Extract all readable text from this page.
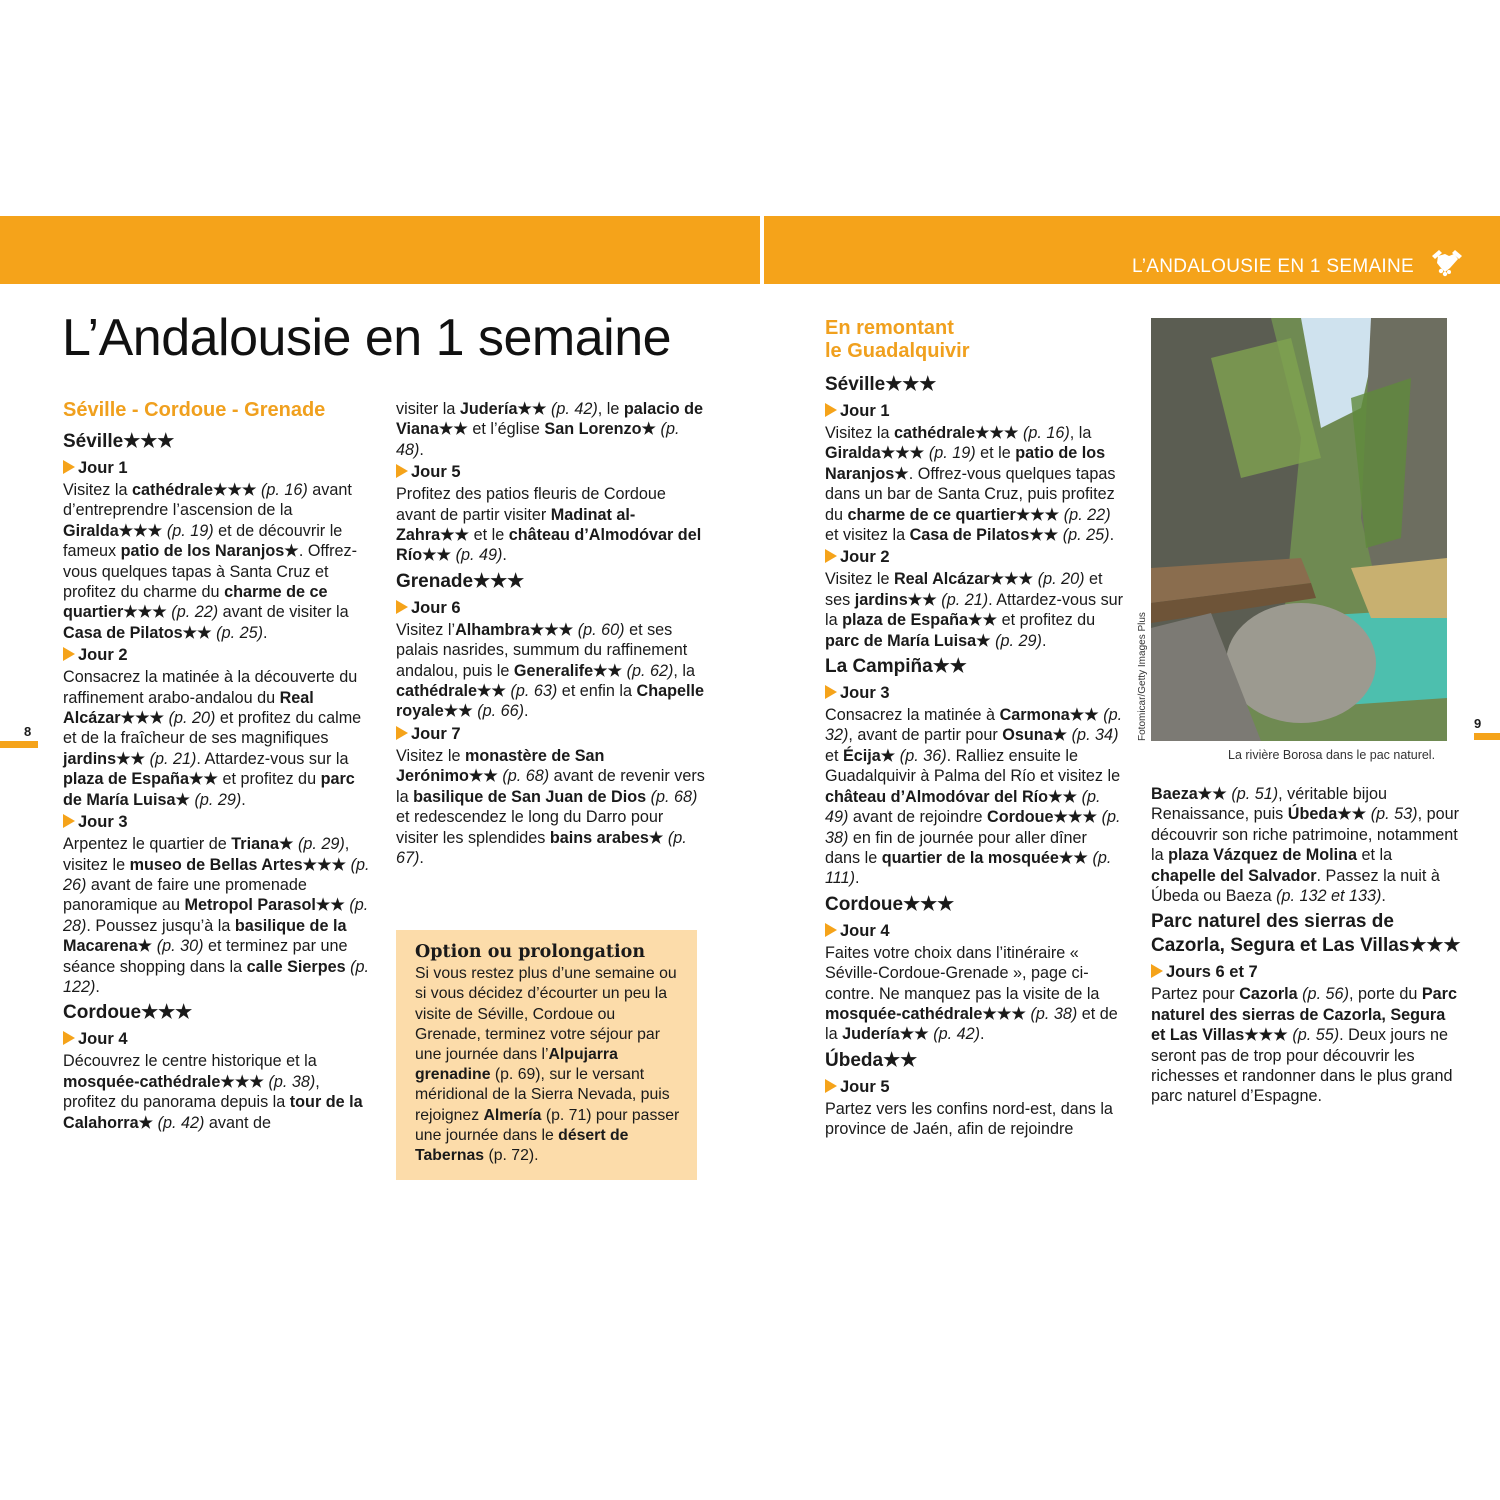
L’ANDALOUSIE EN 1 SEMAINE
L’Andalousie en 1 semaine
Séville - Cordoue - Grenade
Séville★★★
Jour 1

Visitez la cathédrale★★★ (p. 16) avant d’entreprendre l’ascension de la Giralda★★★ (p. 19) et de découvrir le fameux patio de los Naranjos★. Offrez-vous quelques tapas à Santa Cruz et profitez du charme du charme de ce quartier★★★ (p. 22) avant de visiter la Casa de Pilatos★★ (p. 25).

Jour 2

Consacrez la matinée à la découverte du raffinement arabo-andalou du Real Alcázar★★★ (p. 20) et profitez du calme et de la fraîcheur de ses magnifiques jardins★★ (p. 21). Attardez-vous sur la plaza de España★★ et profitez du parc de María Luisa★ (p. 29).

Jour 3

Arpentez le quartier de Triana★ (p. 29), visitez le museo de Bellas Artes★★★ (p. 26) avant de faire une promenade panoramique au Metropol Parasol★★ (p. 28). Poussez jusqu’à la basilique de la Macarena★ (p. 30) et terminez par une séance shopping dans la calle Sierpes (p. 122).

Cordoue★★★
Jour 4

Découvrez le centre historique et la mosquée-cathédrale★★★ (p. 38), profitez du panorama depuis la tour de la Calahorra★ (p. 42) avant de

visiter la Judería★★ (p. 42), le palacio de Viana★★ et l’église San Lorenzo★ (p. 48).

Jour 5

Profitez des patios fleuris de Cordoue avant de partir visiter Madinat al-Zahra★★ et le château d’Almodóvar del Río★★ (p. 49).

Grenade★★★
Jour 6

Visitez l’Alhambra★★★ (p. 60) et ses palais nasrides, summum du raffinement andalou, puis le Generalife★★ (p. 62), la cathédrale★★ (p. 63) et enfin la Chapelle royale★★ (p. 66).

Jour 7

Visitez le monastère de San Jerónimo★★ (p. 68) avant de revenir vers la basilique de San Juan de Dios (p. 68) et redescendez le long du Darro pour visiter les splendides bains arabes★ (p. 67).

Option ou prolongation
Si vous restez plus d’une semaine ou si vous décidez d’écourter un peu la visite de Séville, Cordoue ou Grenade, terminez votre séjour par une journée dans l’Alpujarra grenadine (p. 69), sur le versant méridional de la Sierra Nevada, puis rejoignez Almería (p. 71) pour passer une journée dans le désert de Tabernas (p. 72).
En remontant
le Guadalquivir
Séville★★★
Jour 1

Visitez la cathédrale★★★ (p. 16), la Giralda★★★ (p. 19) et le patio de los Naranjos★. Offrez-vous quelques tapas dans un bar de Santa Cruz, puis profitez du charme de ce quartier★★★ (p. 22) et visitez la Casa de Pilatos★★ (p. 25).

Jour 2

Visitez le Real Alcázar★★★ (p. 20) et ses jardins★★ (p. 21). Attardez-vous sur la plaza de España★★ et profitez du parc de María Luisa★ (p. 29).

La Campiña★★
Jour 3

Consacrez la matinée à Carmona★★ (p. 32), avant de partir pour Osuna★ (p. 34) et Écija★ (p. 36). Ralliez ensuite le Guadalquivir à Palma del Río et visitez le château d’Almodóvar del Río★★ (p. 49) avant de rejoindre Cordoue★★★ (p. 38) en fin de journée pour aller dîner dans le quartier de la mosquée★★ (p. 111).

Cordoue★★★
Jour 4

Faites votre choix dans l’itinéraire « Séville-Cordoue-Grenade », page ci-contre. Ne manquez pas la visite de la mosquée-cathédrale★★★ (p. 38) et de la Judería★★ (p. 42).

Úbeda★★
Jour 5

Partez vers les confins nord-est, dans la province de Jaén, afin de rejoindre

Fotomicar/Getty Images Plus
La rivière Borosa dans le pac naturel.

Baeza★★ (p. 51), véritable bijou Renaissance, puis Úbeda★★ (p. 53), pour découvrir son riche patrimoine, notamment la plaza Vázquez de Molina et la chapelle del Salvador. Passez la nuit à Úbeda ou Baeza (p. 132 et 133).

Parc naturel des sierras de Cazorla, Segura et Las Villas★★★
Jours 6 et 7

Partez pour Cazorla (p. 56), porte du Parc naturel des sierras de Cazorla, Segura et Las Villas★★★ (p. 55). Deux jours ne seront pas de trop pour découvrir les richesses et randonner dans le plus grand parc naturel d’Espagne.

8
9
